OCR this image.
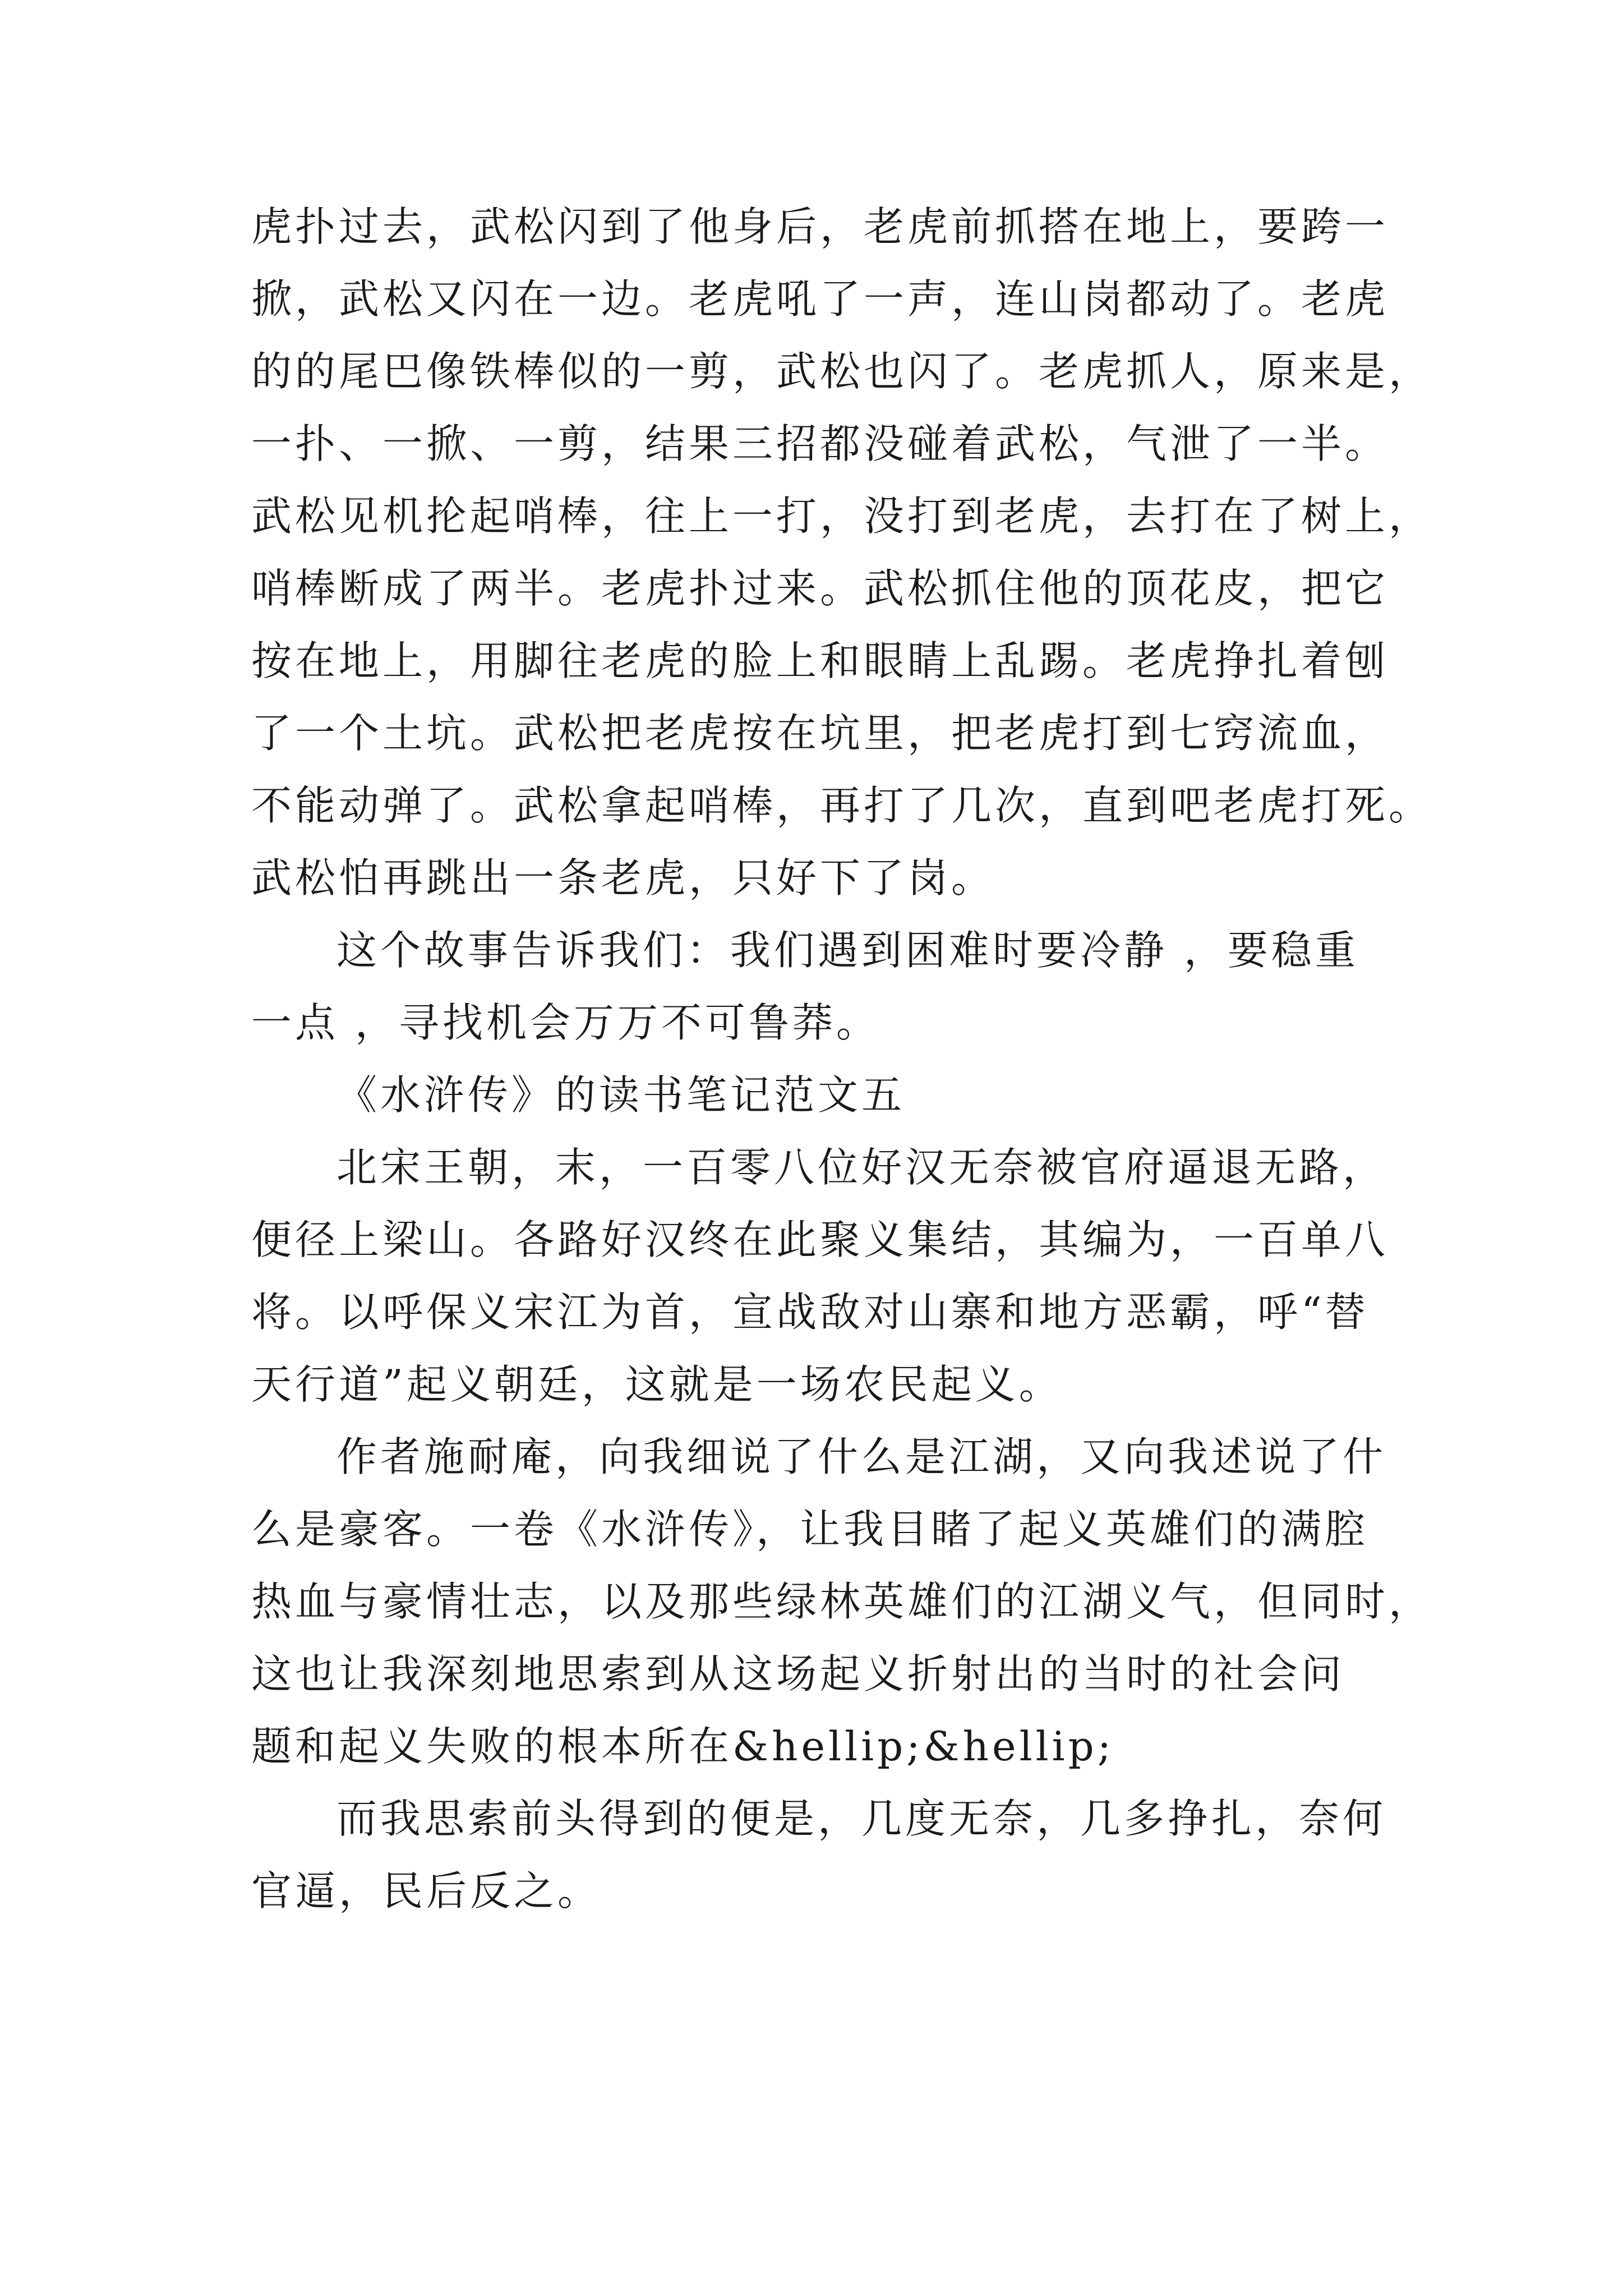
虎扑过去，武松闪到了他身后，老虎前抓搭在地上，要跨一
掀，武松又闪在一边。老虎吼了一声，连山岗都动了。老虎
的的尾巴像铁棒似的一剪，武松也闪了。老虎抓人，原来是，
一扑、一掀、一剪，结果三招都没碰着武松，气泄了一半。
武松见机抡起哨棒，往上一打，没打到老虎，去打在了树上，
哨棒断成了两半。老虎扑过来。武松抓住他的顶花皮，把它
按在地上，用脚往老虎的脸上和眼睛上乱踢。老虎挣扎着刨
了一个土坑。武松把老虎按在坑里，把老虎打到七窍流血，
不能动弹了。武松拿起哨棒，再打了几次，直到吧老虎打死。
武松怕再跳出一条老虎，只好下了岗。
这个故事告诉我们：我们遇到困难时要冷静 ，要稳重
一点 ，寻找机会万万不可鲁莽。
《水浒传》的读书笔记范文五
北宋王朝，末，一百零八位好汉无奈被官府逼退无路，
便径上梁山。各路好汉终在此聚义集结，其编为，一百单八
将。以呼保义宋江为首，宣战敌对山寨和地方恶霸，呼“替
天行道”起义朝廷，这就是一场农民起义。
作者施耐庵，向我细说了什么是江湖，又向我述说了什
么是豪客。一卷《水浒传》，让我目睹了起义英雄们的满腔
热血与豪情壮志，以及那些绿林英雄们的江湖义气，但同时，
这也让我深刻地思索到从这场起义折射出的当时的社会问
题和起义失败的根本所在&hellip;&hellip;
而我思索前头得到的便是，几度无奈，几多挣扎，奈何
官逼，民后反之。
